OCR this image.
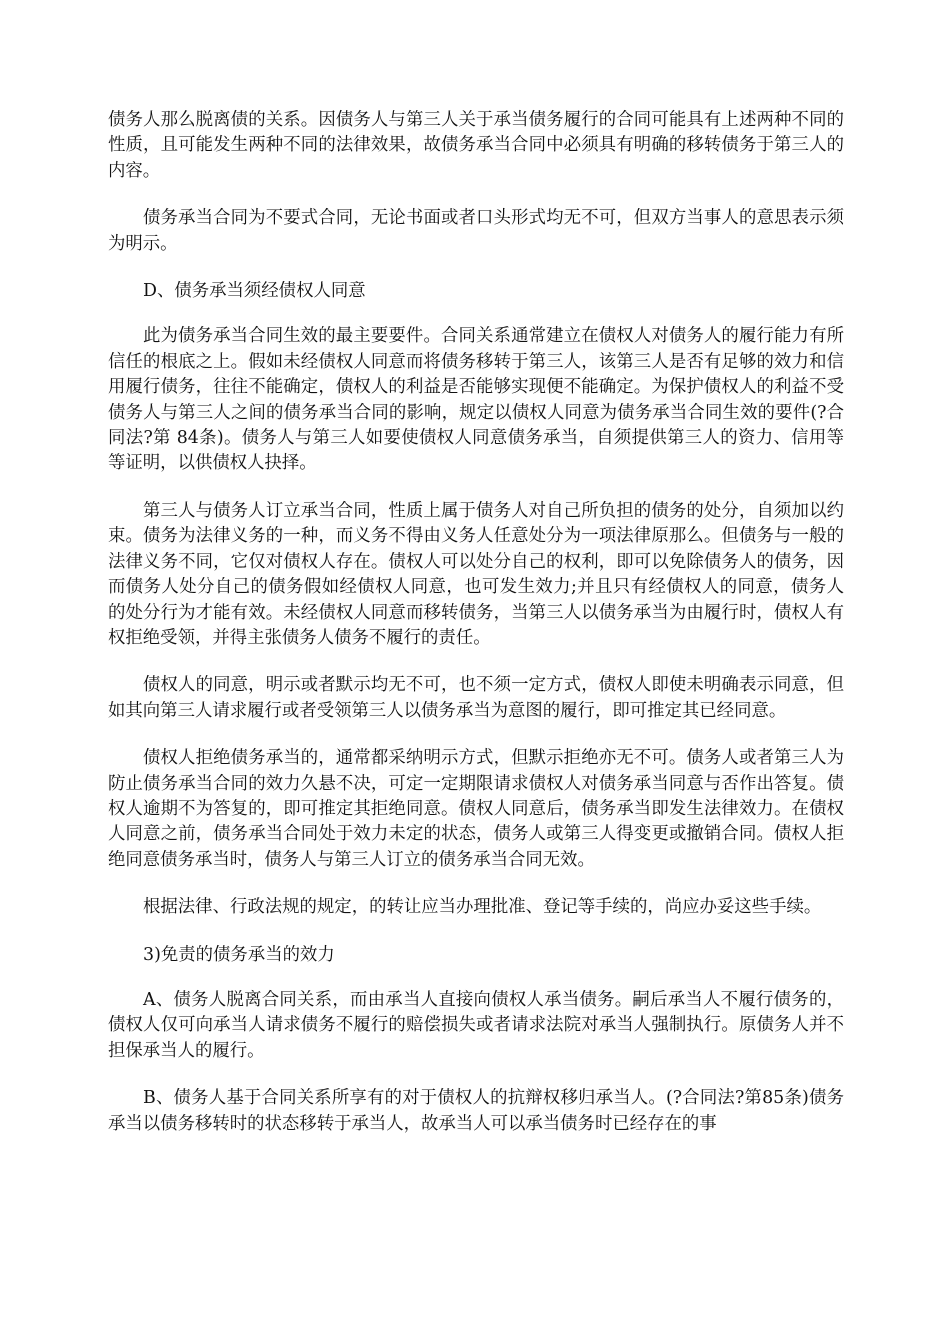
债务人那么脱离债的关系。因债务人与第三人关于承当债务履行的合同可能具有上述两种不同的性质，且可能发生两种不同的法律效果，故债务承当合同中必须具有明确的移转债务于第三人的内容。

债务承当合同为不要式合同，无论书面或者口头形式均无不可，但双方当事人的意思表示须为明示。

D、债务承当须经债权人同意

此为债务承当合同生效的最主要要件。合同关系通常建立在债权人对债务人的履行能力有所信任的根底之上。假如未经债权人同意而将债务移转于第三人，该第三人是否有足够的效力和信用履行债务，往往不能确定，债权人的利益是否能够实现便不能确定。为保护债权人的利益不受债务人与第三人之间的债务承当合同的影响，规定以债权人同意为债务承当合同生效的要件(?合同法?第 84条)。债务人与第三人如要使债权人同意债务承当，自须提供第三人的资力、信用等等证明，以供债权人抉择。

第三人与债务人订立承当合同，性质上属于债务人对自己所负担的债务的处分，自须加以约束。债务为法律义务的一种，而义务不得由义务人任意处分为一项法律原那么。但债务与一般的法律义务不同，它仅对债权人存在。债权人可以处分自己的权利，即可以免除债务人的债务，因而债务人处分自己的债务假如经债权人同意，也可发生效力;并且只有经债权人的同意，债务人的处分行为才能有效。未经债权人同意而移转债务，当第三人以债务承当为由履行时，债权人有权拒绝受领，并得主张债务人债务不履行的责任。

债权人的同意，明示或者默示均无不可，也不须一定方式，债权人即使未明确表示同意，但如其向第三人请求履行或者受领第三人以债务承当为意图的履行，即可推定其已经同意。

债权人拒绝债务承当的，通常都采纳明示方式，但默示拒绝亦无不可。债务人或者第三人为防止债务承当合同的效力久悬不决，可定一定期限请求债权人对债务承当同意与否作出答复。债权人逾期不为答复的，即可推定其拒绝同意。债权人同意后，债务承当即发生法律效力。在债权人同意之前，债务承当合同处于效力未定的状态，债务人或第三人得变更或撤销合同。债权人拒绝同意债务承当时，债务人与第三人订立的债务承当合同无效。

根据法律、行政法规的规定，的转让应当办理批准、登记等手续的，尚应办妥这些手续。

3)免责的债务承当的效力

A、债务人脱离合同关系，而由承当人直接向债权人承当债务。嗣后承当人不履行债务的，债权人仅可向承当人请求债务不履行的赔偿损失或者请求法院对承当人强制执行。原债务人并不担保承当人的履行。

B、债务人基于合同关系所享有的对于债权人的抗辩权移归承当人。(?合同法?第85条)债务承当以债务移转时的状态移转于承当人，故承当人可以承当债务时已经存在的事
